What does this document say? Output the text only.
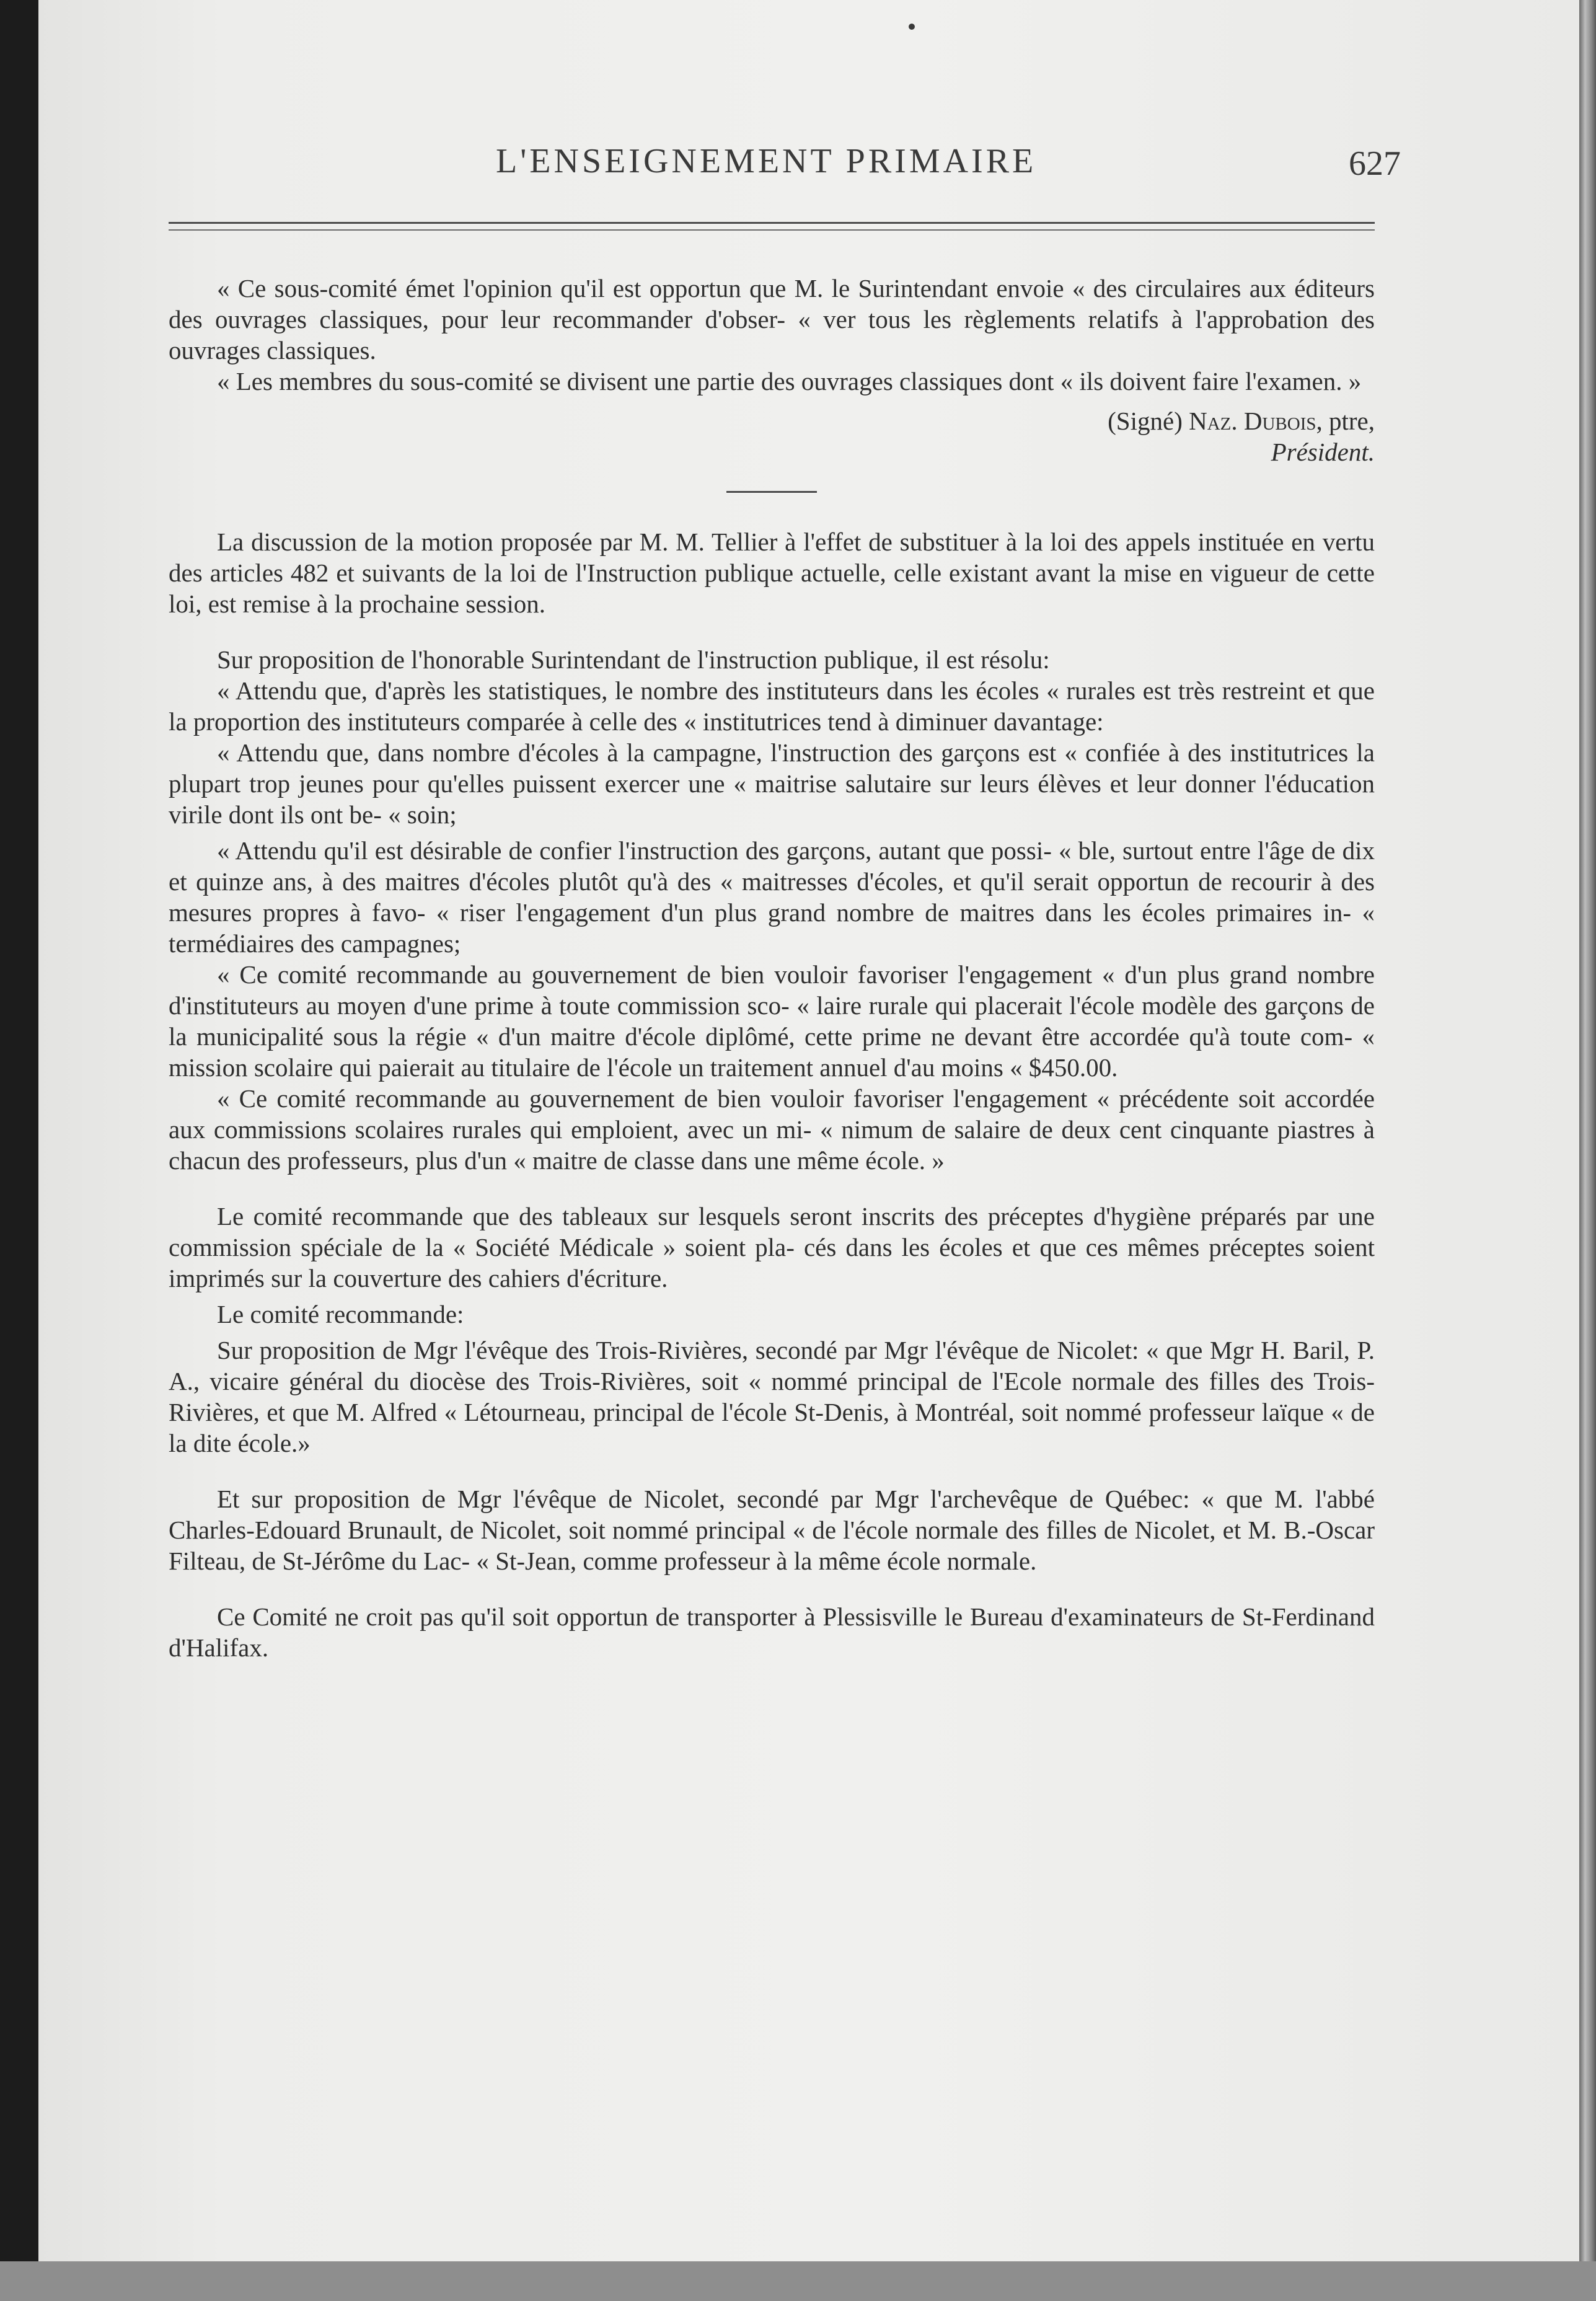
L'ENSEIGNEMENT PRIMAIRE	627

« Ce sous-comité émet l'opinion qu'il est opportun que M. le Surintendant envoie « des circulaires aux éditeurs des ouvrages classiques, pour leur recommander d'obser- « ver tous les règlements relatifs à l'approbation des ouvrages classiques.

« Les membres du sous-comité se divisent une partie des ouvrages classiques dont « ils doivent faire l'examen. »

(Signé) Naz. Dubois, ptre,
Président.

La discussion de la motion proposée par M. M. Tellier à l'effet de substituer à la loi des appels instituée en vertu des articles 482 et suivants de la loi de l'Instruction publique actuelle, celle existant avant la mise en vigueur de cette loi, est remise à la prochaine session.

Sur proposition de l'honorable Surintendant de l'instruction publique, il est résolu:

« Attendu que, d'après les statistiques, le nombre des instituteurs dans les écoles « rurales est très restreint et que la proportion des instituteurs comparée à celle des « institutrices tend à diminuer davantage:

« Attendu que, dans nombre d'écoles à la campagne, l'instruction des garçons est « confiée à des institutrices la plupart trop jeunes pour qu'elles puissent exercer une « maitrise salutaire sur leurs élèves et leur donner l'éducation virile dont ils ont be- « soin;

« Attendu qu'il est désirable de confier l'instruction des garçons, autant que possi- « ble, surtout entre l'âge de dix et quinze ans, à des maitres d'écoles plutôt qu'à des « maitresses d'écoles, et qu'il serait opportun de recourir à des mesures propres à favo- « riser l'engagement d'un plus grand nombre de maitres dans les écoles primaires in- « termédiaires des campagnes;

« Ce comité recommande au gouvernement de bien vouloir favoriser l'engagement « d'un plus grand nombre d'instituteurs au moyen d'une prime à toute commission sco- « laire rurale qui placerait l'école modèle des garçons de la municipalité sous la régie « d'un maitre d'école diplômé, cette prime ne devant être accordée qu'à toute com- « mission scolaire qui paierait au titulaire de l'école un traitement annuel d'au moins « $450.00.

« Ce comité recommande au gouvernement de bien vouloir favoriser l'engagement « précédente soit accordée aux commissions scolaires rurales qui emploient, avec un mi- « nimum de salaire de deux cent cinquante piastres à chacun des professeurs, plus d'un « maitre de classe dans une même école. »

Le comité recommande que des tableaux sur lesquels seront inscrits des préceptes d'hygiène préparés par une commission spéciale de la « Société Médicale » soient pla- cés dans les écoles et que ces mêmes préceptes soient imprimés sur la couverture des cahiers d'écriture.

Le comité recommande:

Sur proposition de Mgr l'évêque des Trois-Rivières, secondé par Mgr l'évêque de Nicolet: « que Mgr H. Baril, P. A., vicaire général du diocèse des Trois-Rivières, soit « nommé principal de l'Ecole normale des filles des Trois-Rivières, et que M. Alfred « Létourneau, principal de l'école St-Denis, à Montréal, soit nommé professeur laïque « de la dite école.»

Et sur proposition de Mgr l'évêque de Nicolet, secondé par Mgr l'archevêque de Québec: « que M. l'abbé Charles-Edouard Brunault, de Nicolet, soit nommé principal « de l'école normale des filles de Nicolet, et M. B.-Oscar Filteau, de St-Jérôme du Lac- « St-Jean, comme professeur à la même école normale.

Ce Comité ne croit pas qu'il soit opportun de transporter à Plessisville le Bureau d'examinateurs de St-Ferdinand d'Halifax.
